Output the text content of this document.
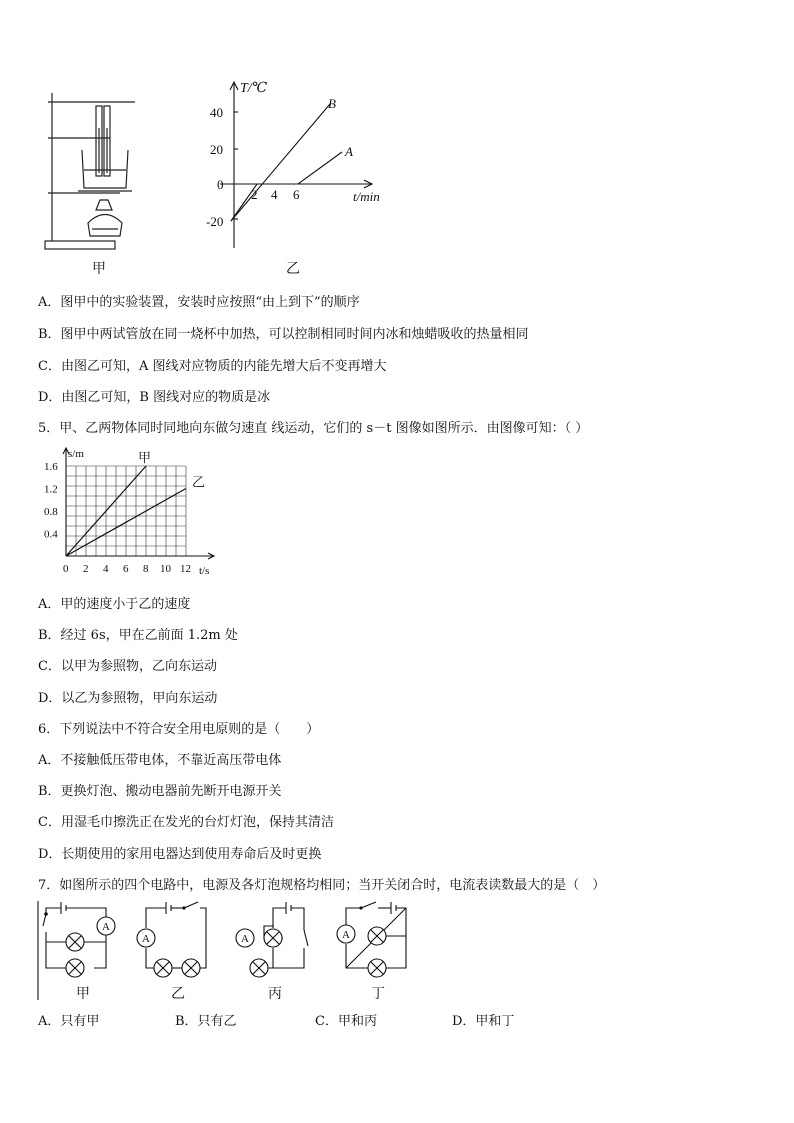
甲
T/℃
40
20
0
-20
2 4 6	t/min
B
A
乙
A．图甲中的实验装置，安装时应按照“由上到下”的顺序
B．图甲中两试管放在同一烧杯中加热，可以控制相同时间内冰和烛蜡吸收的热量相同
C．由图乙可知，A 图线对应物质的内能先增大后不变再增大
D．由图乙可知，B 图线对应的物质是冰
5．甲、乙两物体同时同地向东做匀速直 线运动，它们的 s－t 图像如图所示．由图像可知：（ ）
s/m
t/s
0 2 4 6 8 10 12
1.6
1.2
0.8
0.4
甲
乙
A．甲的速度小于乙的速度
B．经过 6s，甲在乙前面 1.2m 处
C．以甲为参照物，乙向东运动
D．以乙为参照物，甲向东运动
6．下列说法中不符合安全用电原则的是（　　）
A．不接触低压带电体，不靠近高压带电体
B．更换灯泡、搬动电器前先断开电源开关
C．用湿毛巾擦洗正在发光的台灯灯泡，保持其清洁
D．长期使用的家用电器达到使用寿命后及时更换
7．如图所示的四个电路中，电源及各灯泡规格均相同；当开关闭合时，电流表读数最大的是（　）
A
A	A	A
甲	乙	丙	丁
A．只有甲	B．只有乙	C．甲和丙	D．甲和丁
